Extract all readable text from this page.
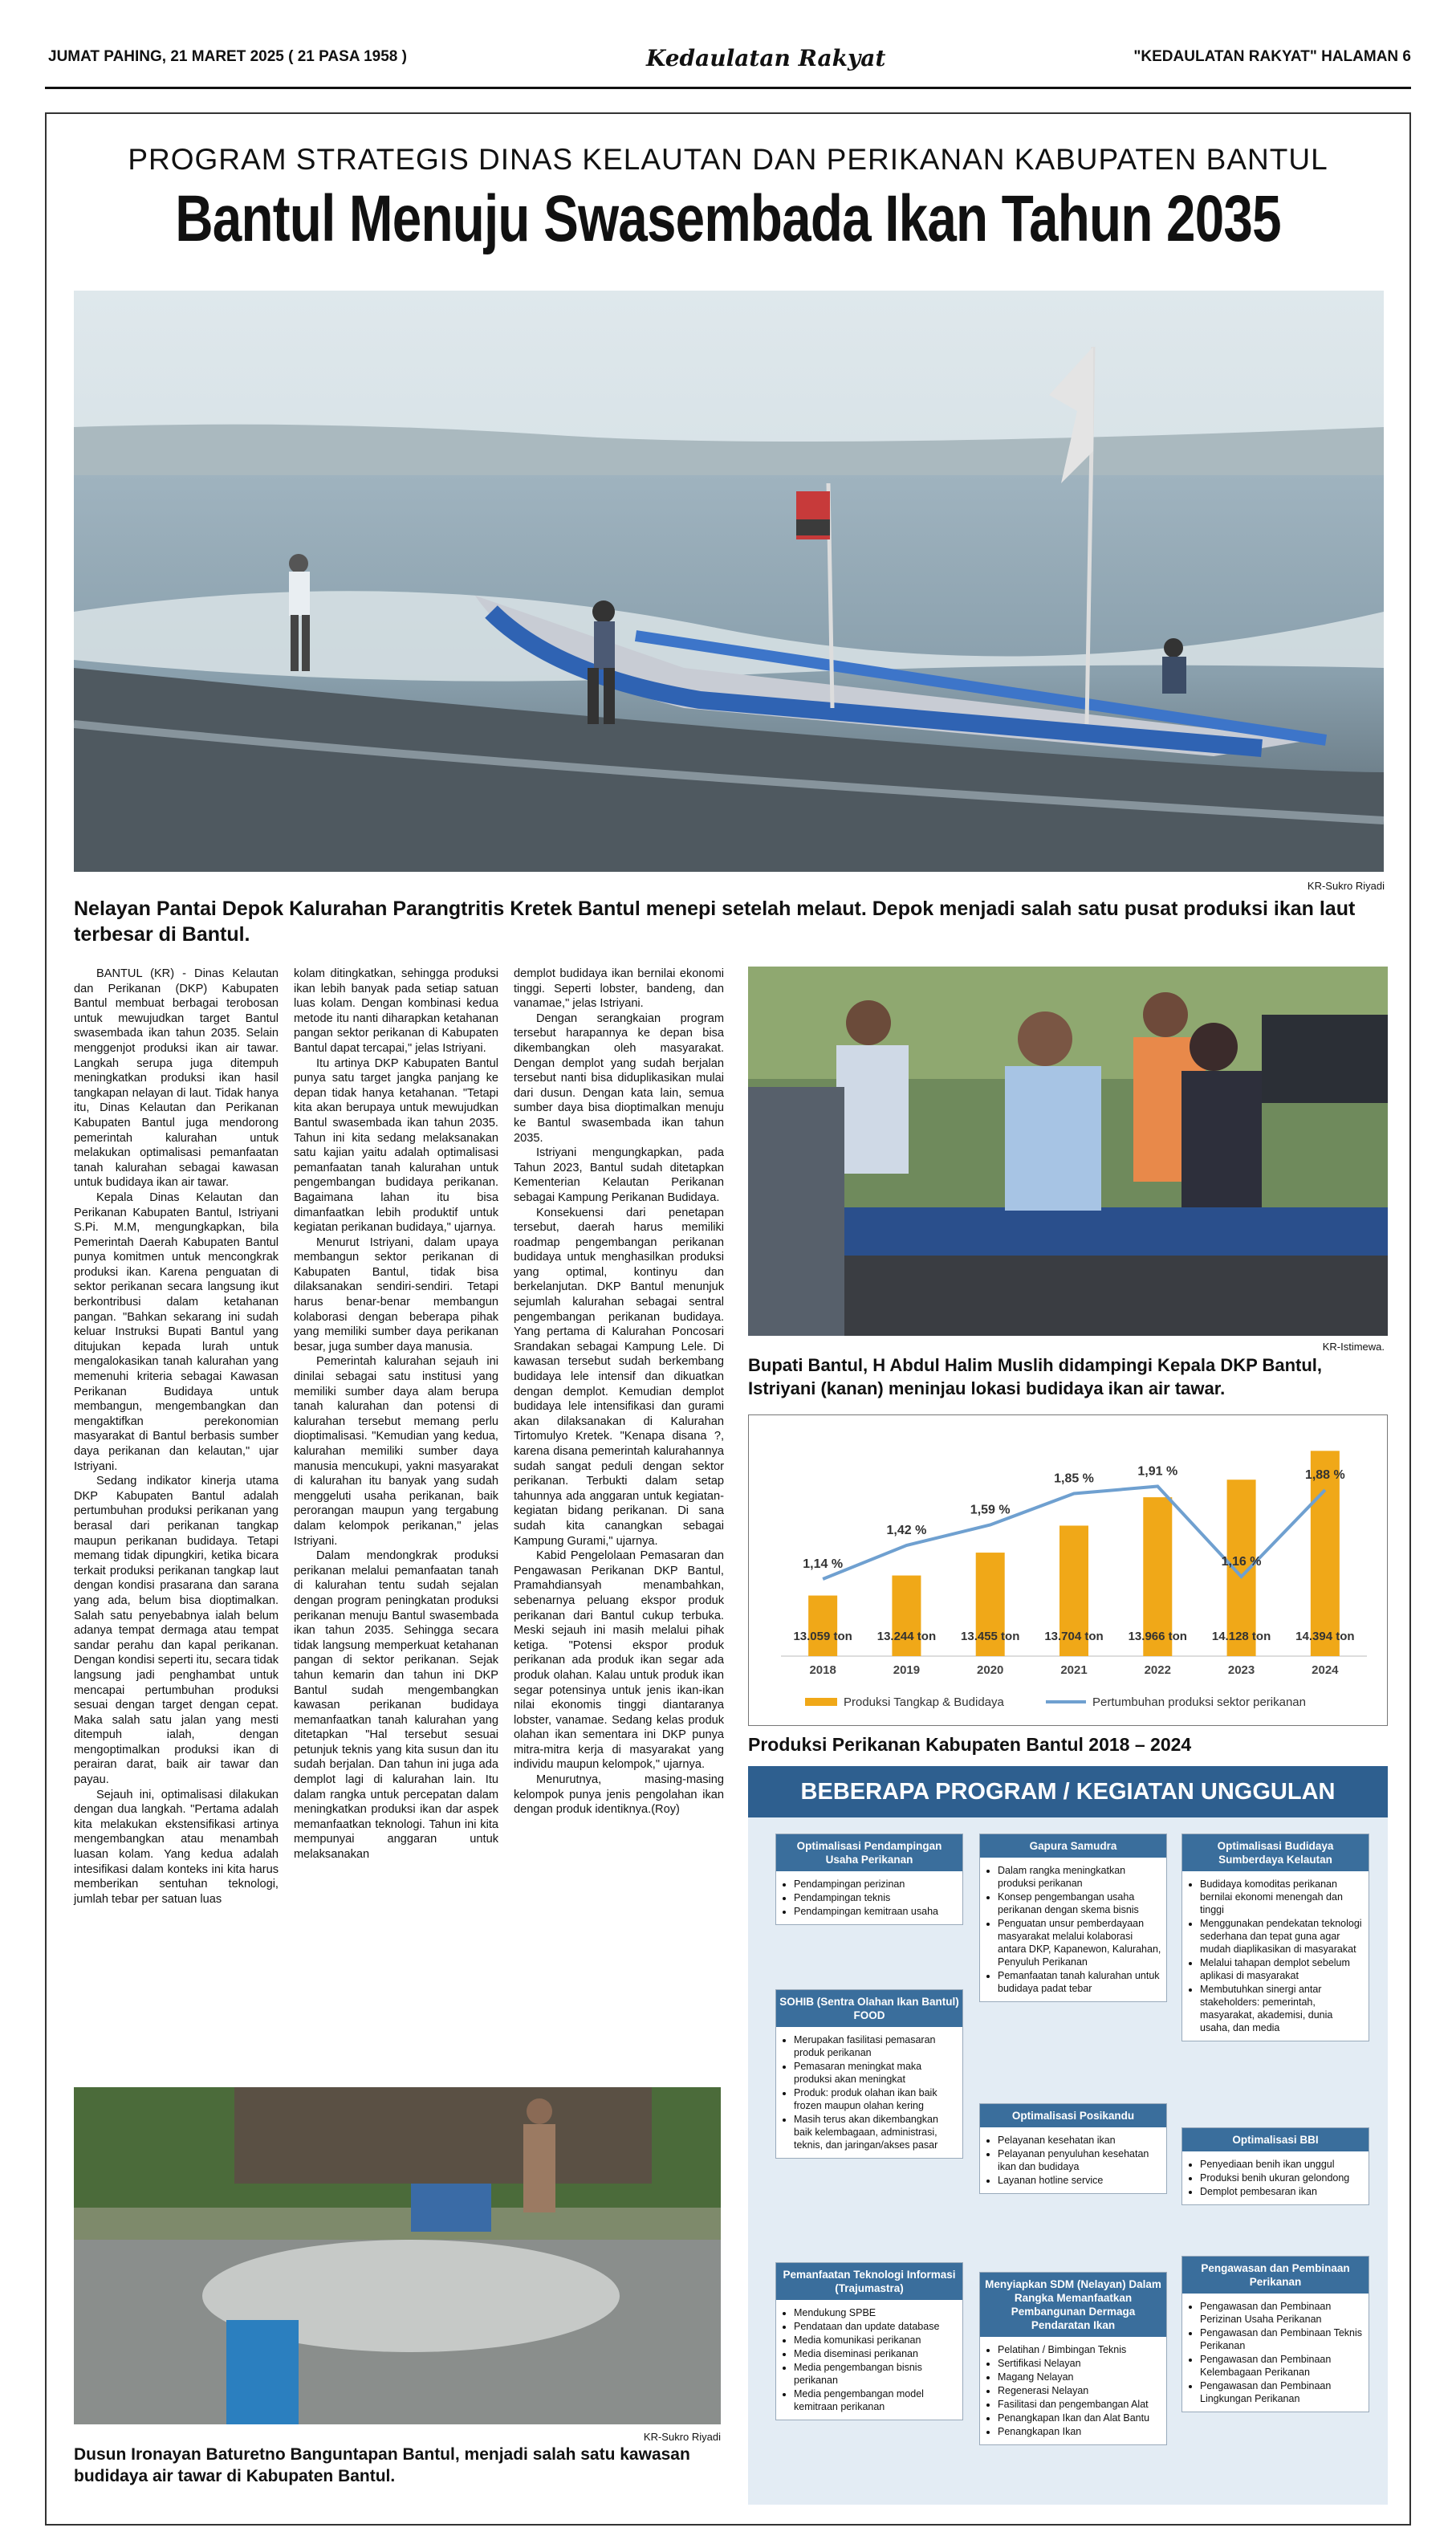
JUMAT PAHING, 21 MARET 2025 ( 21 PASA 1958 )	Kedaulatan Rakyat	"KEDAULATAN RAKYAT" HALAMAN 6
PROGRAM STRATEGIS DINAS KELAUTAN DAN PERIKANAN KABUPATEN BANTUL
Bantul Menuju Swasembada Ikan Tahun 2035
KR-Sukro Riyadi
Nelayan Pantai Depok Kalurahan Parangtritis Kretek Bantul menepi setelah melaut. Depok menjadi salah satu pusat produksi ikan laut terbesar di Bantul.

BANTUL (KR) - Dinas Kelautan dan Perikanan (DKP) Kabupaten Bantul membuat berbagai terobosan untuk mewujudkan target Bantul swasembada ikan tahun 2035. Selain menggenjot produksi ikan air tawar. Langkah serupa juga ditempuh meningkatkan produksi ikan hasil tangkapan nelayan di laut. Tidak hanya itu, Dinas Kelautan dan Perikanan Kabupaten Bantul juga mendorong pemerintah kalurahan untuk melakukan optimalisasi pemanfaatan tanah kalurahan sebagai kawasan untuk budidaya ikan air tawar.

Kepala Dinas Kelautan dan Perikanan Kabupaten Bantul, Istriyani S.Pi. M.M, mengungkapkan, bila Pemerintah Daerah Kabupaten Bantul punya komitmen untuk mencongkrak produksi ikan. Karena penguatan di sektor perikanan secara langsung ikut berkontribusi dalam ketahanan pangan. "Bahkan sekarang ini sudah keluar Instruksi Bupati Bantul yang ditujukan kepada lurah untuk mengalokasikan tanah kalurahan yang memenuhi kriteria sebagai Kawasan Perikanan Budidaya untuk membangun, mengembangkan dan mengaktifkan perekonomian masyarakat di Bantul berbasis sumber daya perikanan dan kelautan," ujar Istriyani.

Sedang indikator kinerja utama DKP Kabupaten Bantul adalah pertumbuhan produksi perikanan yang berasal dari perikanan tangkap maupun perikanan budidaya. Tetapi memang tidak dipungkiri, ketika bicara terkait produksi perikanan tangkap laut dengan kondisi prasarana dan sarana yang ada, belum bisa dioptimalkan. Salah satu penyebabnya ialah belum adanya tempat dermaga atau tempat sandar perahu dan kapal perikanan. Dengan kondisi seperti itu, secara tidak langsung jadi penghambat untuk mencapai pertumbuhan produksi sesuai dengan target dengan cepat. Maka salah satu jalan yang mesti ditempuh ialah, dengan mengoptimalkan produksi ikan di perairan darat, baik air tawar dan payau.

Sejauh ini, optimalisasi dilakukan dengan dua langkah. "Pertama adalah kita melakukan ekstensifikasi artinya mengembangkan atau menambah luasan kolam. Yang kedua adalah intesifikasi dalam konteks ini kita harus memberikan sentuhan teknologi, jumlah tebar per satuan luas

kolam ditingkatkan, sehingga produksi ikan lebih banyak pada setiap satuan luas kolam. Dengan kombinasi kedua metode itu nanti diharapkan ketahanan pangan sektor perikanan di Kabupaten Bantul dapat tercapai," jelas Istriyani.

Itu artinya DKP Kabupaten Bantul punya satu target jangka panjang ke depan tidak hanya ketahanan. "Tetapi kita akan berupaya untuk mewujudkan Bantul swasembada ikan tahun 2035. Tahun ini kita sedang melaksanakan satu kajian yaitu adalah optimalisasi pemanfaatan tanah kalurahan untuk pengembangan budidaya perikanan. Bagaimana lahan itu bisa dimanfaatkan lebih produktif untuk kegiatan perikanan budidaya," ujarnya.

Menurut Istriyani, dalam upaya membangun sektor perikanan di Kabupaten Bantul, tidak bisa dilaksanakan sendiri-sendiri. Tetapi harus benar-benar membangun kolaborasi dengan beberapa pihak yang memiliki sumber daya perikanan besar, juga sumber daya manusia.

Pemerintah kalurahan sejauh ini dinilai sebagai satu institusi yang memiliki sumber daya alam berupa tanah kalurahan dan potensi di kalurahan tersebut memang perlu dioptimalisasi. "Kemudian yang kedua, kalurahan memiliki sumber daya manusia mencukupi, yakni masyarakat di kalurahan itu banyak yang sudah menggeluti usaha perikanan, baik perorangan maupun yang tergabung dalam kelompok perikanan," jelas Istriyani.

Dalam mendongkrak produksi perikanan melalui pemanfaatan tanah di kalurahan tentu sudah sejalan dengan program peningkatan produksi perikanan menuju Bantul swasembada ikan tahun 2035. Sehingga secara tidak langsung memperkuat ketahanan pangan di sektor perikanan. Sejak tahun kemarin dan tahun ini DKP Bantul sudah mengembangkan kawasan perikanan budidaya memanfaatkan tanah kalurahan yang ditetapkan "Hal tersebut sesuai petunjuk teknis yang kita susun dan itu sudah berjalan. Dan tahun ini juga ada demplot lagi di kalurahan lain. Itu dalam rangka untuk percepatan dalam meningkatkan produksi ikan dar aspek memanfaatkan teknologi. Tahun ini kita mempunyai anggaran untuk melaksanakan

demplot budidaya ikan bernilai ekonomi tinggi. Seperti lobster, bandeng, dan vanamae," jelas Istriyani.

Dengan serangkaian program tersebut harapannya ke depan bisa dikembangkan oleh masyarakat. Dengan demplot yang sudah berjalan tersebut nanti bisa diduplikasikan mulai dari dusun. Dengan kata lain, semua sumber daya bisa dioptimalkan menuju ke Bantul swasembada ikan tahun 2035.

Istriyani mengungkapkan, pada Tahun 2023, Bantul sudah ditetapkan Kementerian Kelautan Perikanan sebagai Kampung Perikanan Budidaya.

Konsekuensi dari penetapan tersebut, daerah harus memiliki roadmap pengembangan perikanan budidaya untuk menghasilkan produksi yang optimal, kontinyu dan berkelanjutan. DKP Bantul menunjuk sejumlah kalurahan sebagai sentral pengembangan perikanan budidaya. Yang pertama di Kalurahan Poncosari Srandakan sebagai Kampung Lele. Di kawasan tersebut sudah berkembang budidaya lele intensif dan dikuatkan dengan demplot. Kemudian demplot budidaya lele intensifikasi dan gurami akan dilaksanakan di Kalurahan Tirtomulyo Kretek. "Kenapa disana ?, karena disana pemerintah kalurahannya sudah sangat peduli dengan sektor perikanan. Terbukti dalam setap tahunnya ada anggaran untuk kegiatan-kegiatan bidang perikanan. Di sana sudah kita canangkan sebagai Kampung Gurami," ujarnya.

Kabid Pengelolaan Pemasaran dan Pengawasan Perikanan DKP Bantul, Pramahdiansyah menambahkan, sebenarnya peluang ekspor produk perikanan dari Bantul cukup terbuka. Meski sejauh ini masih melalui pihak ketiga. "Potensi ekspor produk perikanan ada produk ikan segar ada produk olahan. Kalau untuk produk ikan segar potensinya untuk jenis ikan-ikan nilai ekonomis tinggi diantaranya lobster, vanamae. Sedang kelas produk olahan ikan sementara ini DKP punya mitra-mitra kerja di masyarakat yang individu maupun kelompok," ujarnya.

Menurutnya, masing-masing kelompok punya jenis pengolahan ikan dengan produk identiknya.(Roy)

KR-Istimewa.
Bupati Bantul, H Abdul Halim Muslih didampingi Kepala DKP Bantul, Istriyani (kanan) meninjau lokasi budidaya ikan air tawar.
13.059 ton
2018
13.244 ton
2019
13.455 ton
2020
13.704 ton
2021
13.966 ton
2022
14.128 ton
2023
14.394 ton
2024
1,14 %
1,42 %
1,59 %
1,85 %
1,91 %
1,16 %
1,88 %
Produksi Tangkap & Budidaya	Pertumbuhan produksi sektor perikanan
Produksi Perikanan Kabupaten Bantul 2018 – 2024
BEBERAPA PROGRAM / KEGIATAN UNGGULAN
Optimalisasi Pendampingan Usaha Perikanan
• Pendampingan perizinan
• Pendampingan teknis
• Pendampingan kemitraan usaha
Gapura Samudra
• Dalam rangka meningkatkan produksi perikanan
• Konsep pengembangan usaha perikanan dengan skema bisnis
• Penguatan unsur pemberdayaan masyarakat melalui kolaborasi antara DKP, Kapanewon, Kalurahan, Penyuluh Perikanan
• Pemanfaatan tanah kalurahan untuk budidaya padat tebar
Optimalisasi Budidaya Sumberdaya Kelautan
• Budidaya komoditas perikanan bernilai ekonomi menengah dan tinggi
• Menggunakan pendekatan teknologi sederhana dan tepat guna agar mudah diaplikasikan di masyarakat
• Melalui tahapan demplot sebelum aplikasi di masyarakat
• Membutuhkan sinergi antar stakeholders: pemerintah, masyarakat, akademisi, dunia usaha, dan media
SOHIB (Sentra Olahan Ikan Bantul) FOOD
• Merupakan fasilitasi pemasaran produk perikanan
• Pemasaran meningkat maka produksi akan meningkat
• Produk: produk olahan ikan baik frozen maupun olahan kering
• Masih terus akan dikembangkan baik kelembagaan, administrasi, teknis, dan jaringan/akses pasar
Optimalisasi Posikandu
• Pelayanan kesehatan ikan
• Pelayanan penyuluhan kesehatan ikan dan budidaya
• Layanan hotline service
Optimalisasi BBI
• Penyediaan benih ikan unggul
• Produksi benih ukuran gelondong
• Demplot pembesaran ikan
Pemanfaatan Teknologi Informasi (Trajumastra)
• Mendukung SPBE
• Pendataan dan update database
• Media komunikasi perikanan
• Media diseminasi perikanan
• Media pengembangan bisnis perikanan
• Media pengembangan model kemitraan perikanan
Menyiapkan SDM (Nelayan) Dalam Rangka Memanfaatkan Pembangunan Dermaga Pendaratan Ikan
• Pelatihan / Bimbingan Teknis
• Sertifikasi Nelayan
• Magang Nelayan
• Regenerasi Nelayan
• Fasilitasi dan pengembangan Alat
• Penangkapan Ikan dan Alat Bantu
• Penangkapan Ikan
Pengawasan dan Pembinaan Perikanan
• Pengawasan dan Pembinaan Perizinan Usaha Perikanan
• Pengawasan dan Pembinaan Teknis Perikanan
• Pengawasan dan Pembinaan Kelembagaan Perikanan
• Pengawasan dan Pembinaan Lingkungan Perikanan
KR-Sukro Riyadi
Dusun Ironayan Baturetno Banguntapan Bantul, menjadi salah satu kawasan budidaya air tawar di Kabupaten Bantul.
